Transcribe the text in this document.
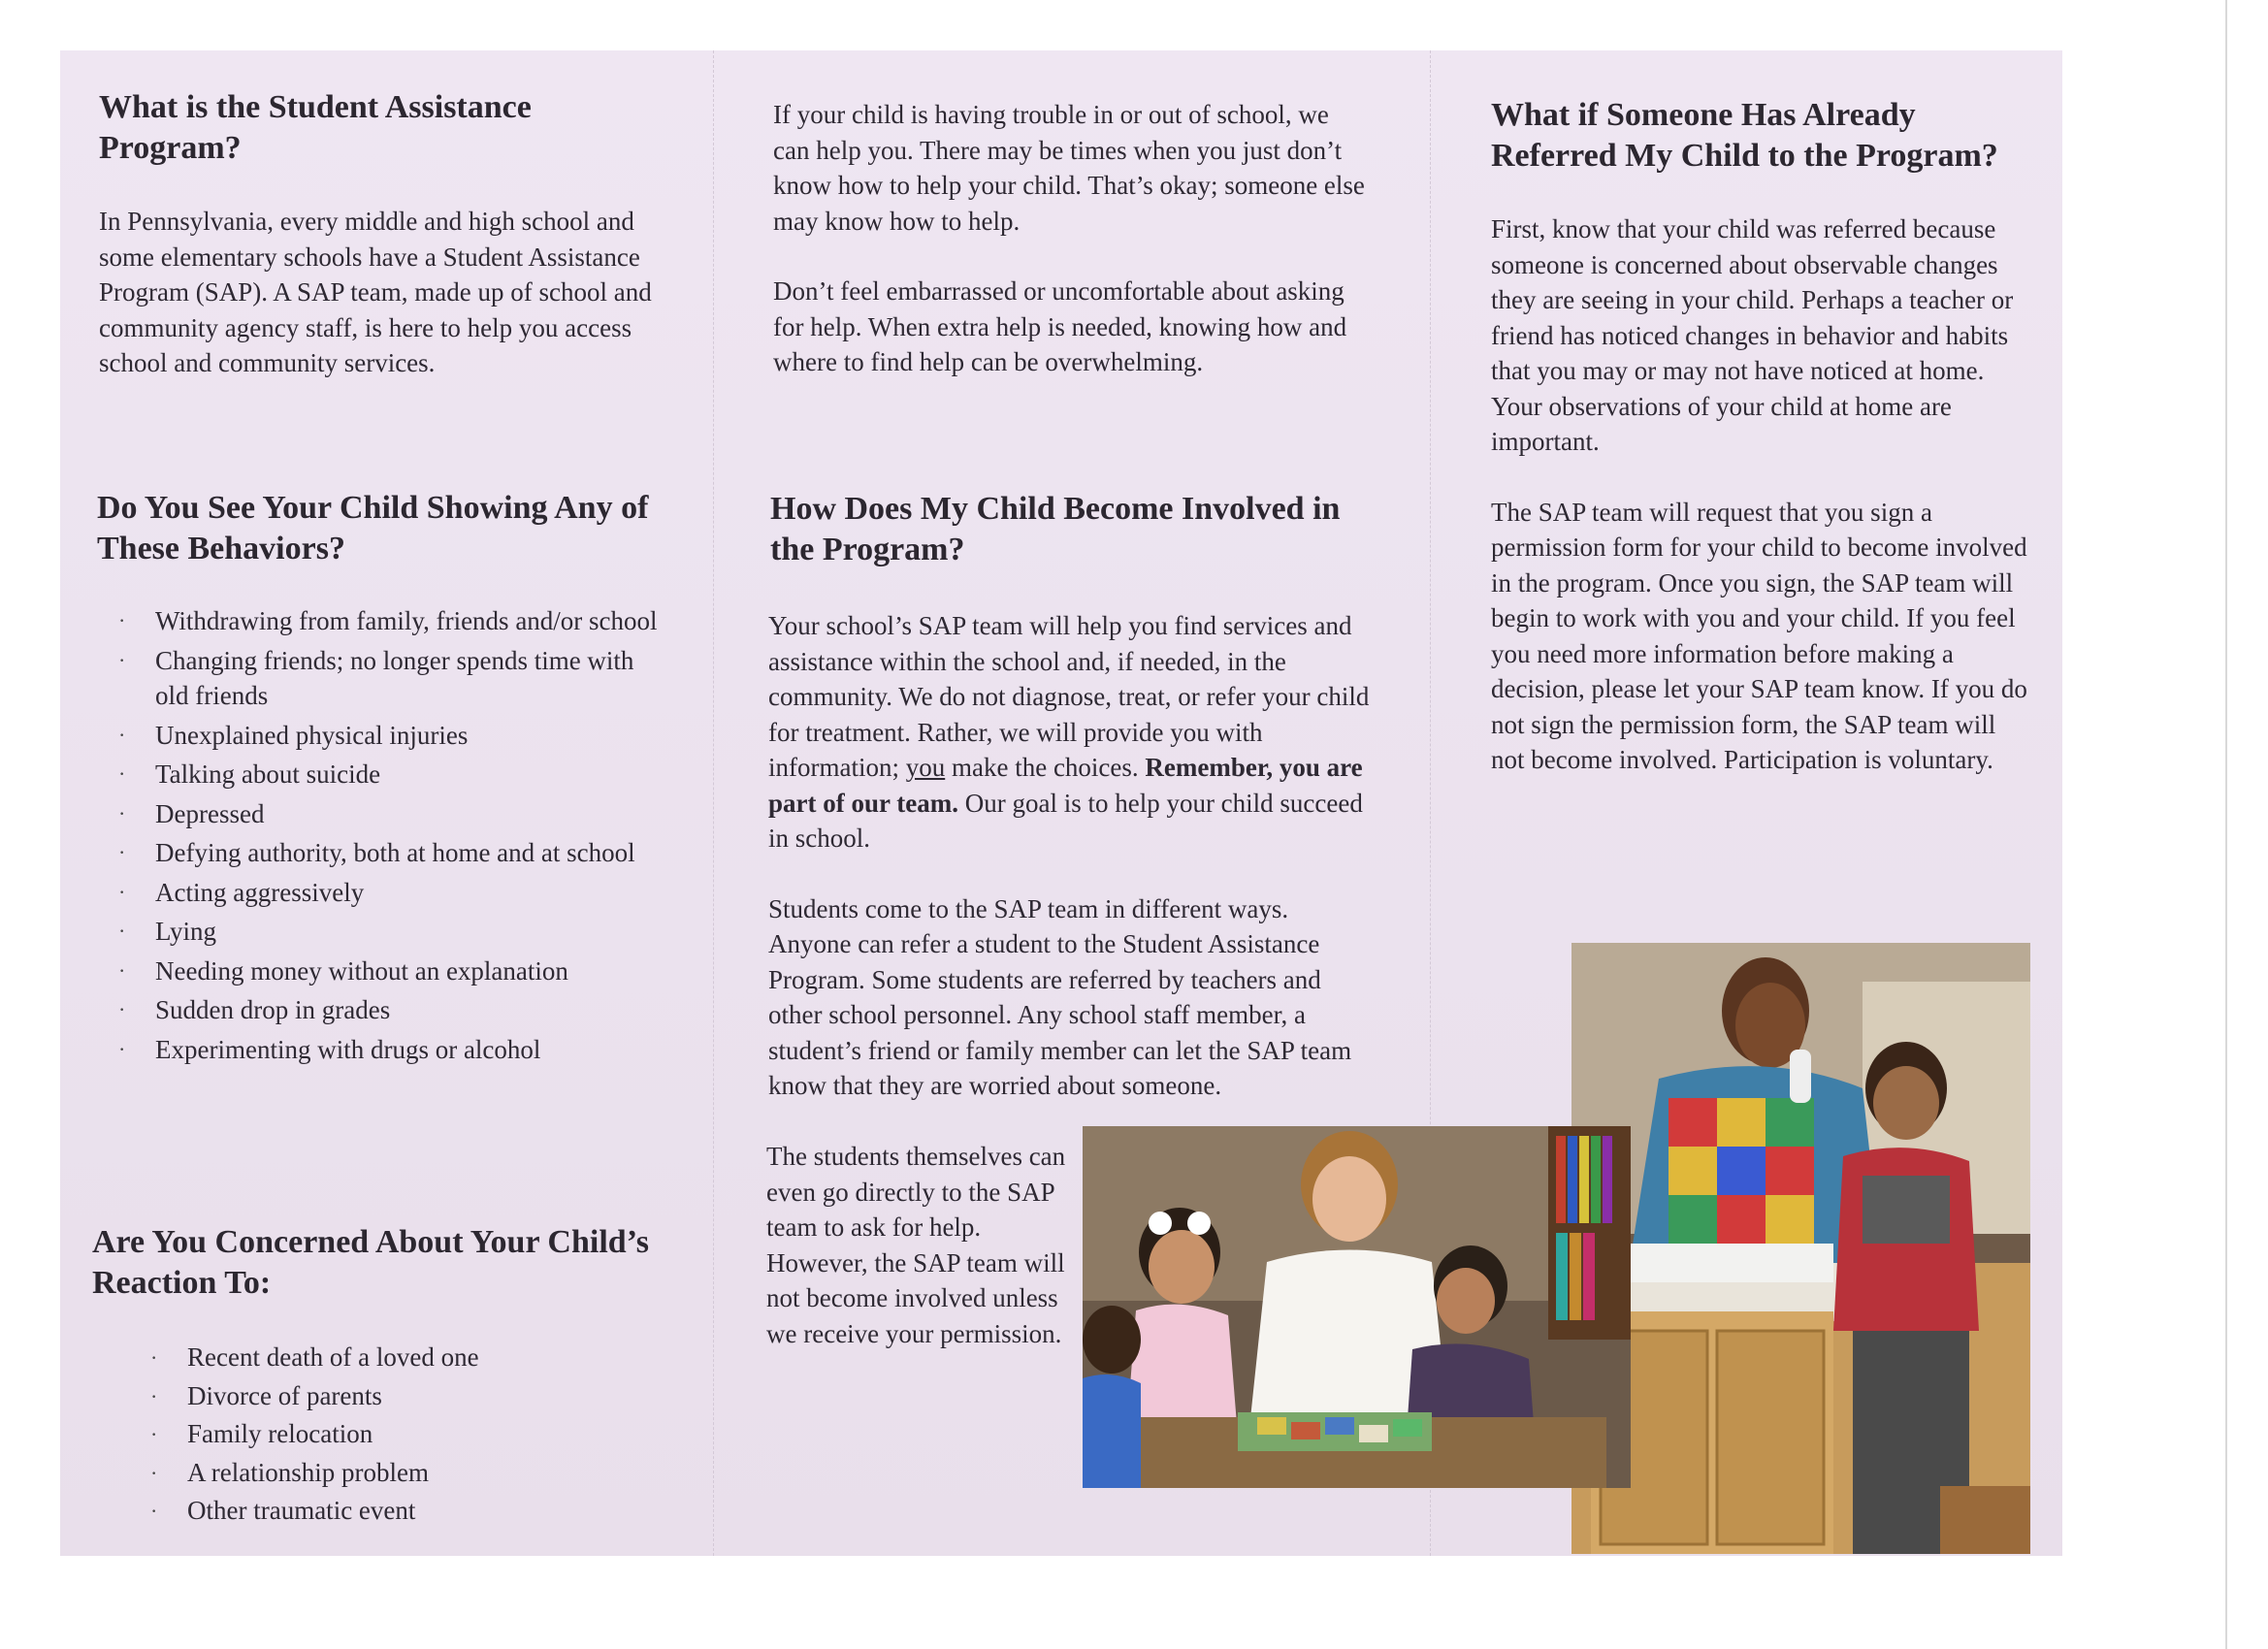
What is the Student Assistance Program?

In Pennsylvania, every middle and high school and some elementary schools have a Student Assistance Program (SAP). A SAP team, made up of school and community agency staff, is here to help you access school and community services.

Do You See Your Child Showing Any of These Behaviors?
· Withdrawing from family, friends and/or school
· Changing friends; no longer spends time with old friends
· Unexplained physical injuries
· Talking about suicide
· Depressed
· Defying authority, both at home and at school
· Acting aggressively
· Lying
· Needing money without an explanation
· Sudden drop in grades
· Experimenting with drugs or alcohol
Are You Concerned About Your Child’s Reaction To:
· Recent death of a loved one
· Divorce of parents
· Family relocation
· A relationship problem
· Other traumatic event

If your child is having trouble in or out of school, we can help you. There may be times when you just don’t know how to help your child. That’s okay; someone else may know how to help.

Don’t feel embarrassed or uncomfortable about asking for help. When extra help is needed, knowing how and where to find help can be overwhelming.

How Does My Child Become Involved in the Program?

Your school’s SAP team will help you find services and assistance within the school and, if needed, in the community. We do not diagnose, treat, or refer your child for treatment. Rather, we will provide you with information; you make the choices. Remember, you are part of our team. Our goal is to help your child succeed in school.

Students come to the SAP team in different ways. Anyone can refer a student to the Student Assistance Program. Some students are referred by teachers and other school personnel. Any school staff member, a student’s friend or family member can let the SAP team know that they are worried about someone.

The students themselves can even go directly to the SAP team to ask for help. However, the SAP team will not become involved unless we receive your permission.

What if Someone Has Already Referred My Child to the Program?

First, know that your child was referred because someone is concerned about observable changes they are seeing in your child. Perhaps a teacher or friend has noticed changes in behavior and habits that you may or may not have noticed at home. Your observations of your child at home are important.

The SAP team will request that you sign a permission form for your child to become involved in the program. Once you sign, the SAP team will begin to work with you and your child. If you feel you need more information before making a decision, please let your SAP team know. If you do not sign the permission form, the SAP team will not become involved. Participation is voluntary.
